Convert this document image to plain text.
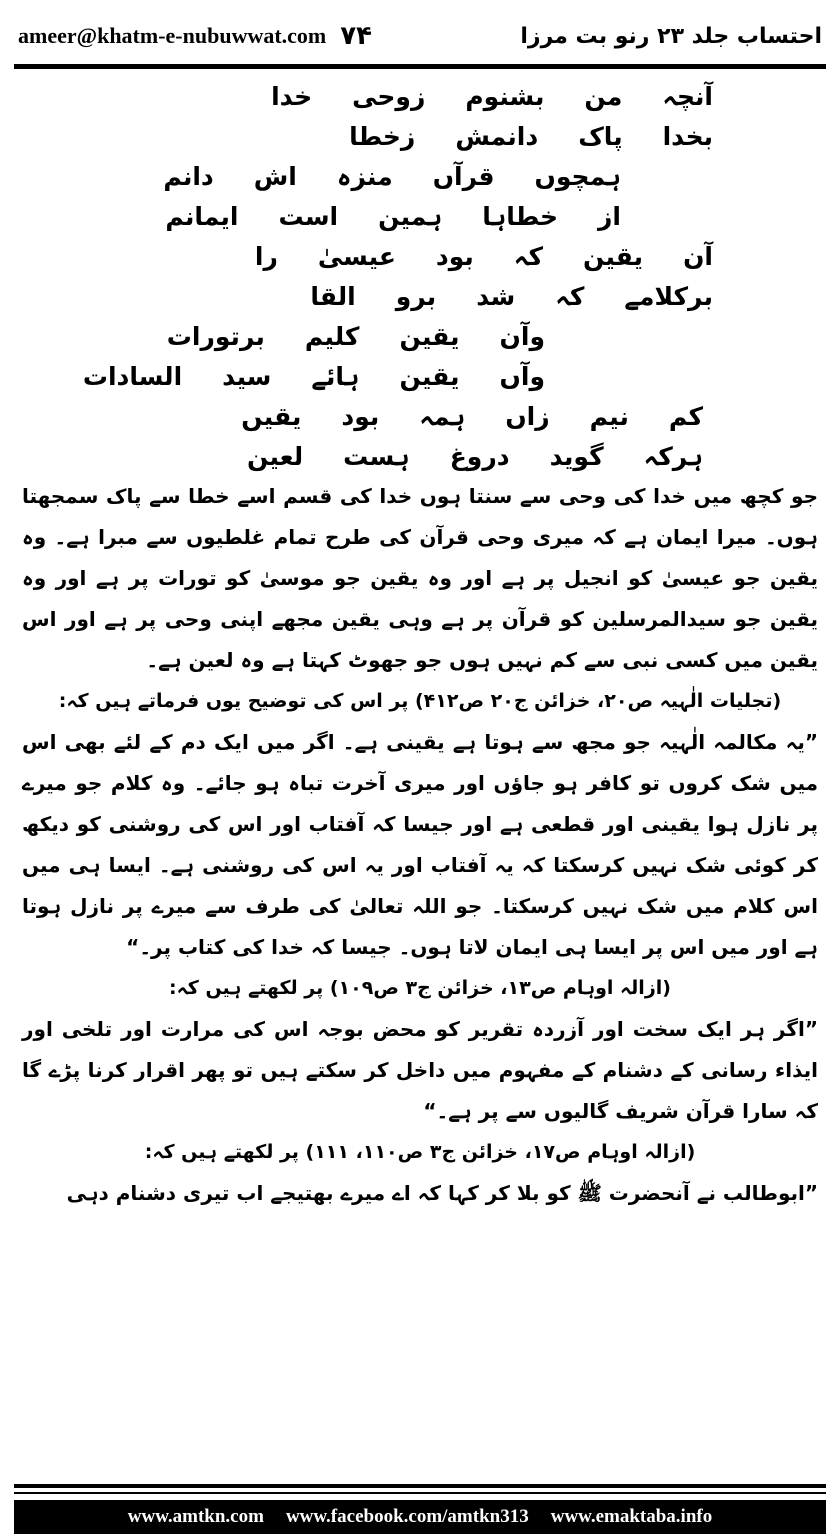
ameer@khatm-e-nubuwwat.com ۷۴	احتساب جلد ۲۳ رنو بت مرزا
آنچہ
من
بشنوم
زوحی
خدا
بخدا
پاک
دانمش
زخطا
ہمچوں
قرآں
منزہ
اش
دانم
از
خطاہا
ہمین
است
ایمانم
آن
یقین
کہ
بود
عیسیٰ
را
برکلامے
کہ
شد
برو
القا
وآن
یقین
کلیم
برتورات
وآں
یقین
ہائے
سید
السادات
کم
نیم
زاں
ہمہ
بود
یقیں
ہرکہ
گوید
دروغ
ہست
لعین

جو کچھ میں خدا کی وحی سے سنتا ہوں خدا کی قسم اسے خطا سے پاک سمجھتا ہوں۔ میرا ایمان ہے کہ میری وحی قرآن کی طرح تمام غلطیوں سے مبرا ہے۔ وہ یقین جو عیسیٰ کو انجیل پر ہے اور وہ یقین جو موسیٰ کو تورات پر ہے اور وہ یقین جو سیدالمرسلین کو قرآن پر ہے وہی یقین مجھے اپنی وحی پر ہے اور اس یقین میں کسی نبی سے کم نہیں ہوں جو جھوٹ کہتا ہے وہ لعین ہے۔

(تجلیات الٰہیہ ص۲۰، خزائن ج۲۰ ص۴۱۲) پر اس کی توضیح یوں فرماتے ہیں کہ:

”یہ مکالمہ الٰہیہ جو مجھ سے ہوتا ہے یقینی ہے۔ اگر میں ایک دم کے لئے بھی اس میں شک کروں تو کافر ہو جاؤں اور میری آخرت تباہ ہو جائے۔ وہ کلام جو میرے پر نازل ہوا یقینی اور قطعی ہے اور جیسا کہ آفتاب اور اس کی روشنی کو دیکھ کر کوئی شک نہیں کرسکتا کہ یہ آفتاب اور یہ اس کی روشنی ہے۔ ایسا ہی میں اس کلام میں شک نہیں کرسکتا۔ جو اللہ تعالیٰ کی طرف سے میرے پر نازل ہوتا ہے اور میں اس پر ایسا ہی ایمان لاتا ہوں۔ جیسا کہ خدا کی کتاب پر۔“

(ازالہ اوہام ص۱۳، خزائن ج۳ ص۱۰۹) پر لکھتے ہیں کہ:

”اگر ہر ایک سخت اور آزردہ تقریر کو محض بوجہ اس کی مرارت اور تلخی اور ایذاء رسانی کے دشنام کے مفہوم میں داخل کر سکتے ہیں تو پھر اقرار کرنا پڑے گا کہ سارا قرآن شریف گالیوں سے پر ہے۔“

(ازالہ اوہام ص۱۷، خزائن ج۳ ص۱۱۰، ۱۱۱) پر لکھتے ہیں کہ:

”ابوطالب نے آنحضرت ﷺ کو بلا کر کہا کہ اے میرے بھتیجے اب تیری دشنام دہی

www.amtkn.com www.facebook.com/amtkn313 www.emaktaba.info
